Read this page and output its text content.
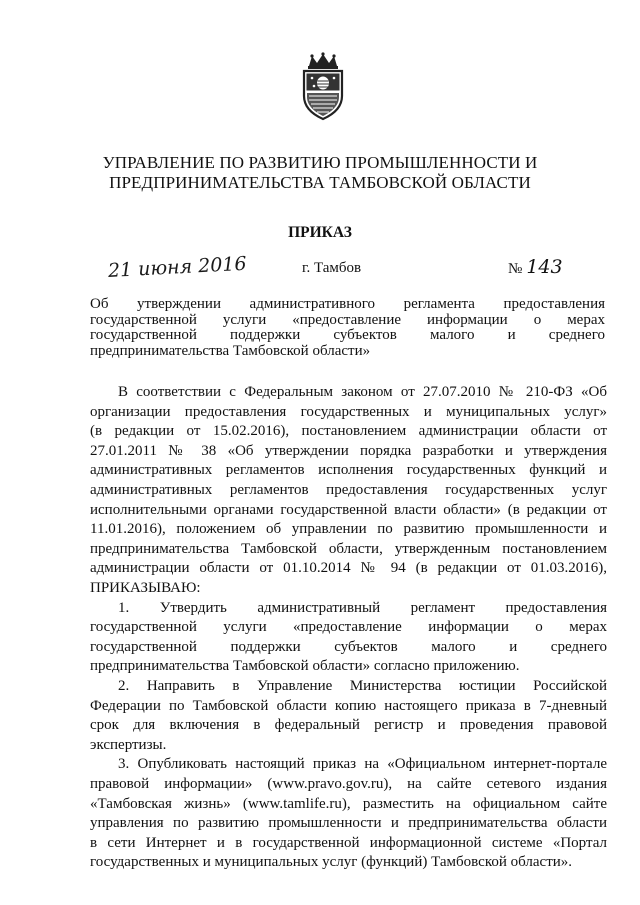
УПРАВЛЕНИЕ ПО РАЗВИТИЮ ПРОМЫШЛЕННОСТИ И
ПРЕДПРИНИМАТЕЛЬСТВА ТАМБОВСКОЙ ОБЛАСТИ
ПРИКАЗ
21 июня 2016	г. Тамбов	№ 143
Об утверждении административного регламента предоставления
государственной услуги «предоставление информации о мерах
государственной поддержки субъектов малого и среднего
предпринимательства Тамбовской области»
В соответствии с Федеральным законом от 27.07.2010 № 210-ФЗ «Об
организации предоставления государственных и муниципальных услуг»
(в редакции от 15.02.2016), постановлением администрации области от
27.01.2011 № 38 «Об утверждении порядка разработки и утверждения
административных регламентов исполнения государственных функций и
административных регламентов предоставления государственных услуг
исполнительными органами государственной власти области» (в редакции от
11.01.2016), положением об управлении по развитию промышленности и
предпринимательства Тамбовской области, утвержденным постановлением
администрации области от 01.10.2014 № 94 (в редакции от 01.03.2016),
ПРИКАЗЫВАЮ:
1. Утвердить административный регламент предоставления
государственной услуги «предоставление информации о мерах
государственной поддержки субъектов малого и среднего
предпринимательства Тамбовской области» согласно приложению.
2. Направить в Управление Министерства юстиции Российской
Федерации по Тамбовской области копию настоящего приказа в 7-дневный
срок для включения в федеральный регистр и проведения правовой
экспертизы.
3. Опубликовать настоящий приказ на «Официальном интернет-портале
правовой информации» (www.pravo.gov.ru), на сайте сетевого издания
«Тамбовская жизнь» (www.tamlife.ru), разместить на официальном сайте
управления по развитию промышленности и предпринимательства области
в сети Интернет и в государственной информационной системе «Портал
государственных и муниципальных услуг (функций) Тамбовской области».
